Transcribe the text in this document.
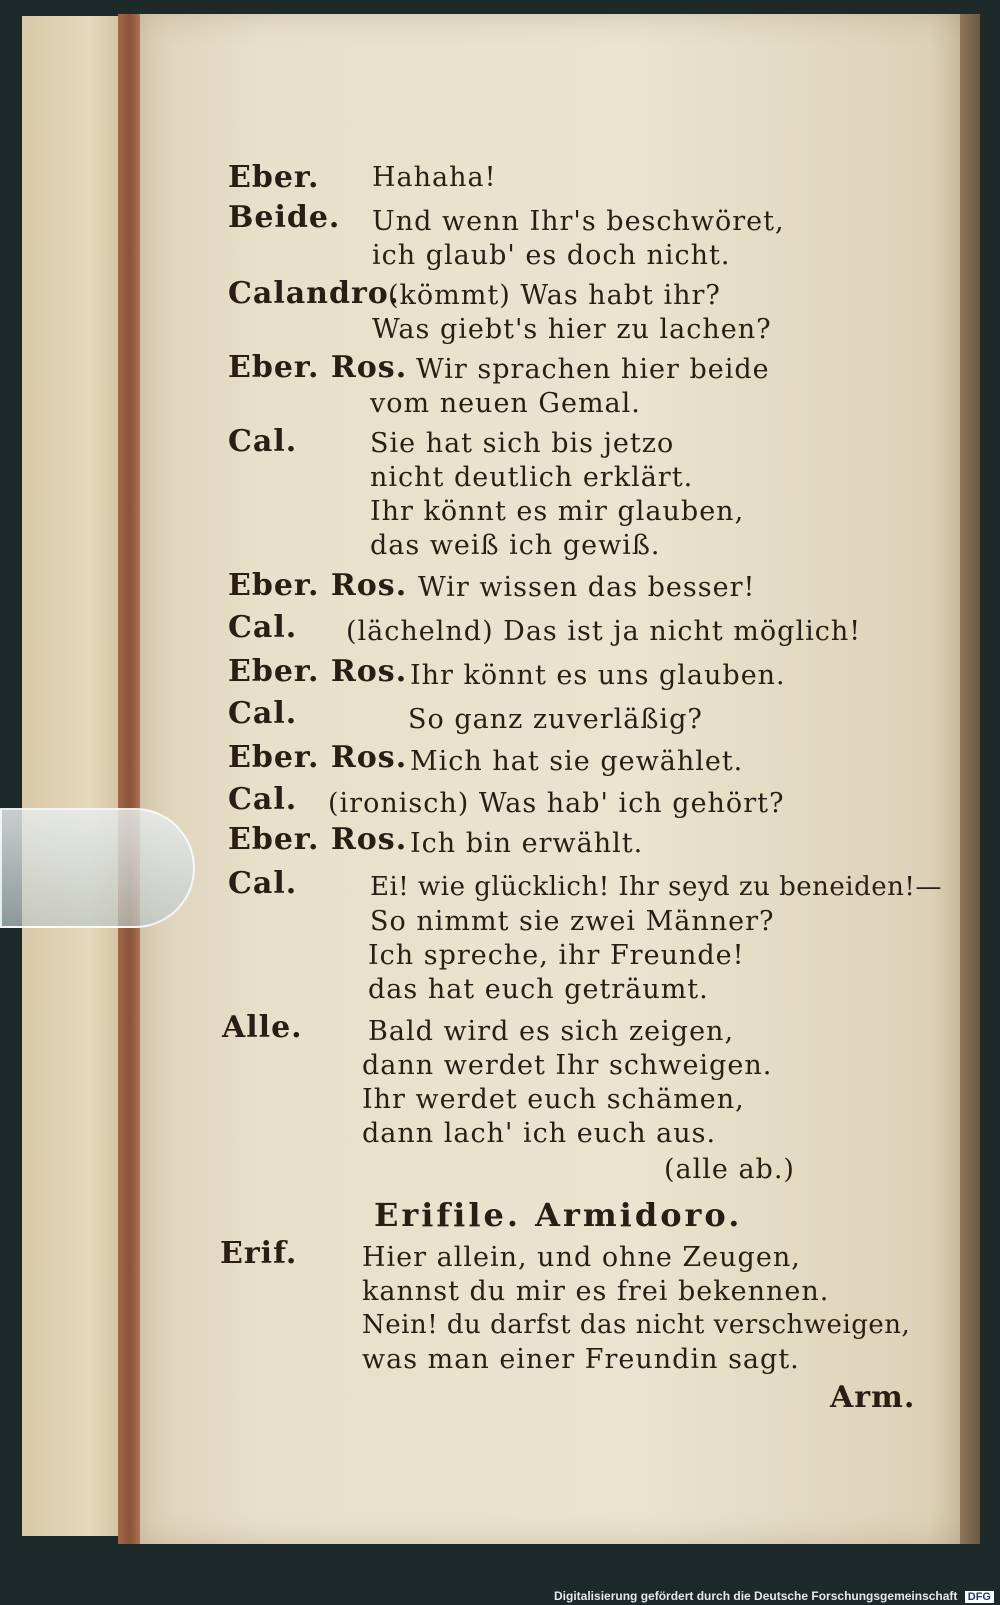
Eber. Hahaha!
Beide. Und wenn Ihr's beschwöret,
ich glaub' es doch nicht.
Calandro.
(kömmt) Was habt ihr?
Was giebt's hier zu lachen?
Eber. Ros. Wir sprachen hier beide
vom neuen Gemal.
Cal.	Sie hat sich bis jetzo
nicht deutlich erklärt.
Ihr könnt es mir glauben,
das weiß ich gewiß.
Eber. Ros. Wir wissen das besser!
Cal. (lächelnd) Das ist ja nicht möglich!
Eber. Ros. Ihr könnt es uns glauben.
Cal.	So ganz zuverläßig?
Eber. Ros. Mich hat sie gewählet.
Cal. (ironisch) Was hab' ich gehört?
Eber. Ros. Ich bin erwählt.
Cal.	Ei! wie glücklich! Ihr seyd zu beneiden!—
So nimmt sie zwei Männer?
Ich spreche, ihr Freunde!
das hat euch geträumt.
Alle. Bald wird es sich zeigen,
dann werdet Ihr schweigen.
Ihr werdet euch schämen,
dann lach' ich euch aus.
(alle ab.)
Erifile. Armidoro.
Erif. Hier allein, und ohne Zeugen,
kannst du mir es frei bekennen.
Nein! du darfst das nicht verschweigen,
was man einer Freundin sagt.
Arm.
Digitalisierung gefördert durch die Deutsche Forschungsgemeinschaft DFG
